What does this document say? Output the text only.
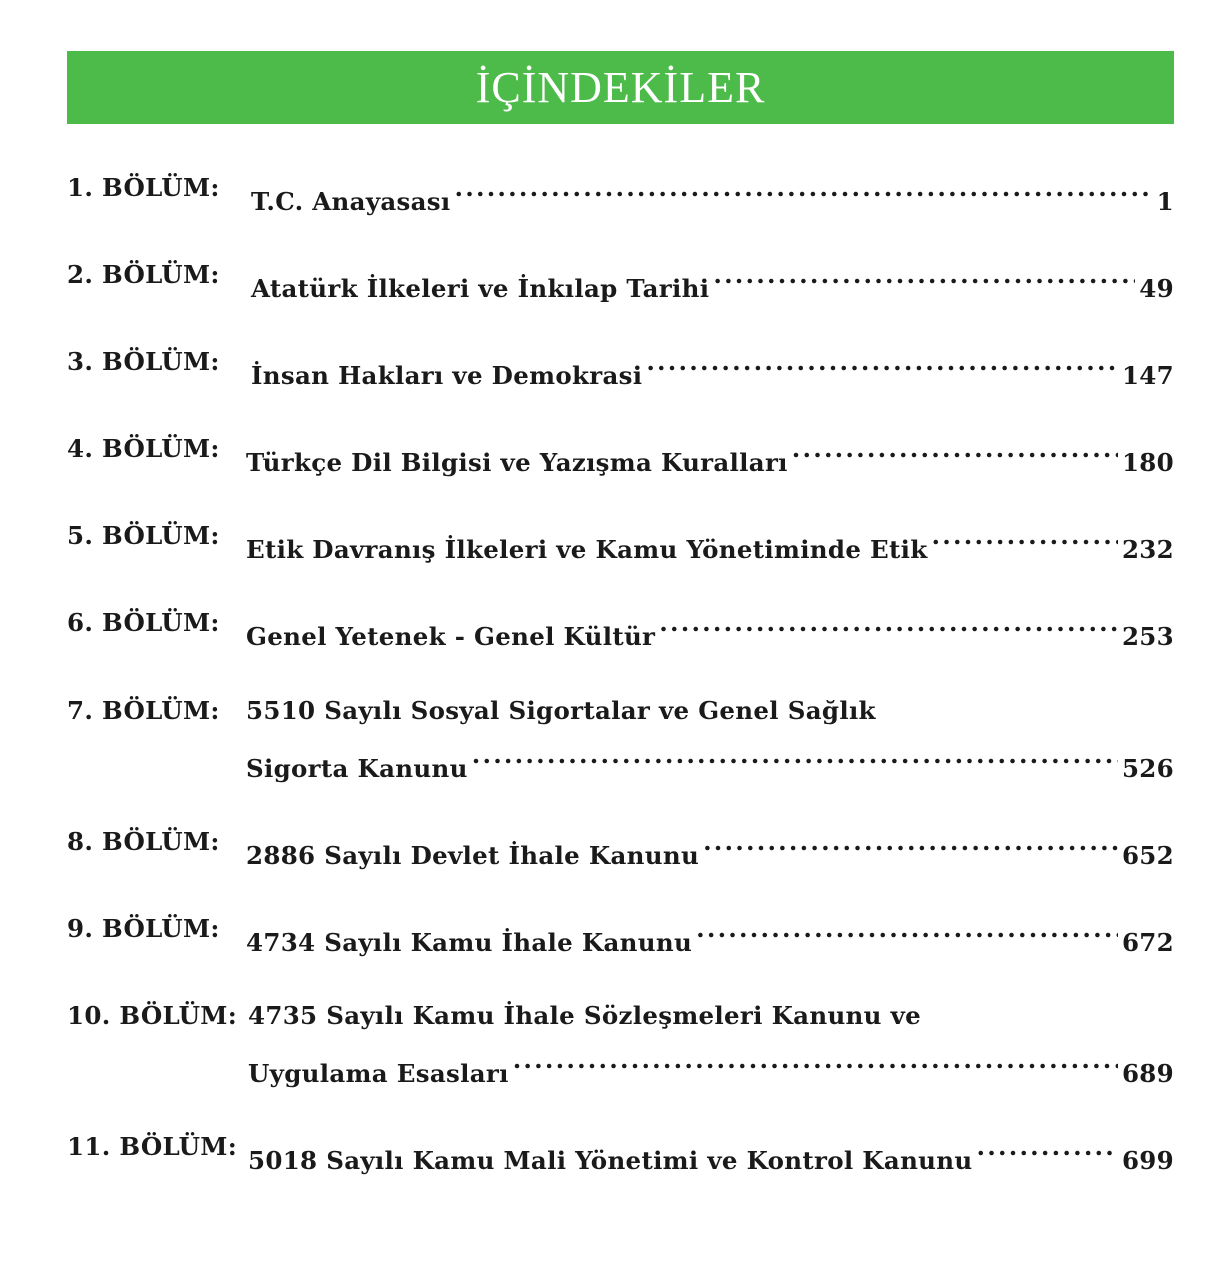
İÇİNDEKİLER
1. BÖLÜM: T.C. Anayasası .....	1
2. BÖLÜM: Atatürk İlkeleri ve İnkılap Tarihi .....	49
3. BÖLÜM: İnsan Hakları ve Demokrasi .....	147
4. BÖLÜM: Türkçe Dil Bilgisi ve Yazışma Kuralları .....	180
5. BÖLÜM: Etik Davranış İlkeleri ve Kamu Yönetiminde Etik .....	232
6. BÖLÜM: Genel Yetenek - Genel Kültür .....	253
7. BÖLÜM: 5510 Sayılı Sosyal Sigortalar ve Genel Sağlık
Sigorta Kanunu .....	526
8. BÖLÜM: 2886 Sayılı Devlet İhale Kanunu .....	652
9. BÖLÜM: 4734 Sayılı Kamu İhale Kanunu .....	672
10. BÖLÜM: 4735 Sayılı Kamu İhale Sözleşmeleri Kanunu ve
Uygulama Esasları .....	689
11. BÖLÜM: 5018 Sayılı Kamu Mali Yönetimi ve Kontrol Kanunu .....	699
